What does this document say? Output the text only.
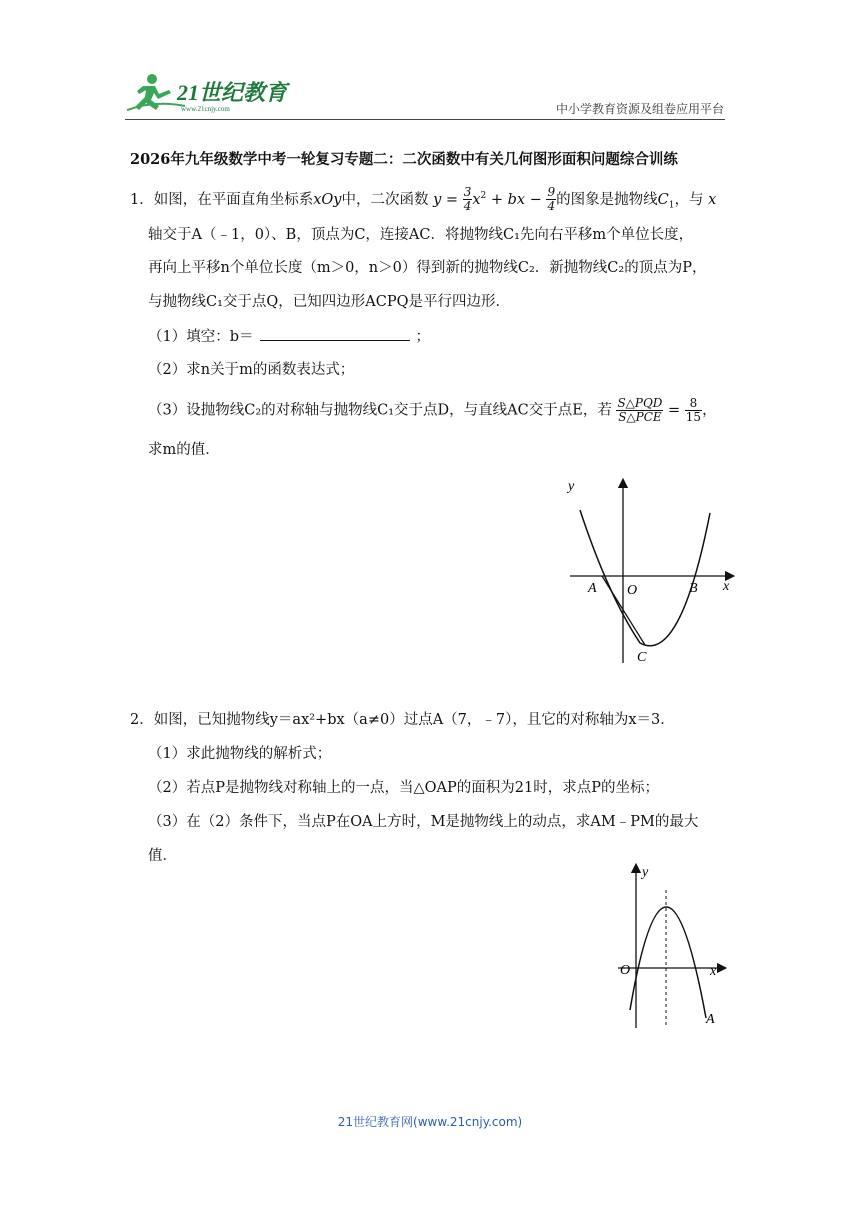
21世纪教育
www.21cnjy.com	中小学教育资源及组卷应用平台
2026年九年级数学中考一轮复习专题二：二次函数中有关几何图形面积问题综合训练
1．如图，在平面直角坐标系xOy中，二次函数 $y = \frac{3}{4} x^2$ + bx − $\frac{9}{4}$ 的图象是抛物线$C_1$，与 x
轴交于A（﹣1，0）、B，顶点为C，连接AC．将抛物线C₁先向右平移m个单位长度，
再向上平移n个单位长度（m＞0，n＞0）得到新的抛物线C₂．新抛物线C₂的顶点为P，
与抛物线C₁交于点Q，已知四边形ACPQ是平行四边形．
（1）填空：b＝	；
（2）求n关于m的函数表达式；
（3）设抛物线C₂的对称轴与抛物线C₁交于点D，与直线AC交于点E，若 $\frac{\text{S△PQD}}{\text{S△PCE}} = \frac{8}{15}$ ，
求m的值．
y
x
A O	B
C
2．如图，已知抛物线y＝ax²+bx（a≠0）过点A（7，﹣7），且它的对称轴为x＝3．
（1）求此抛物线的解析式；
（2）若点P是抛物线对称轴上的一点，当△OAP的面积为21时，求点P的坐标；
（3）在（2）条件下，当点P在OA上方时，M是抛物线上的动点，求AM﹣PM的最大
值．
y
x
O
A
21世纪教育网(www.21cnjy.com)
